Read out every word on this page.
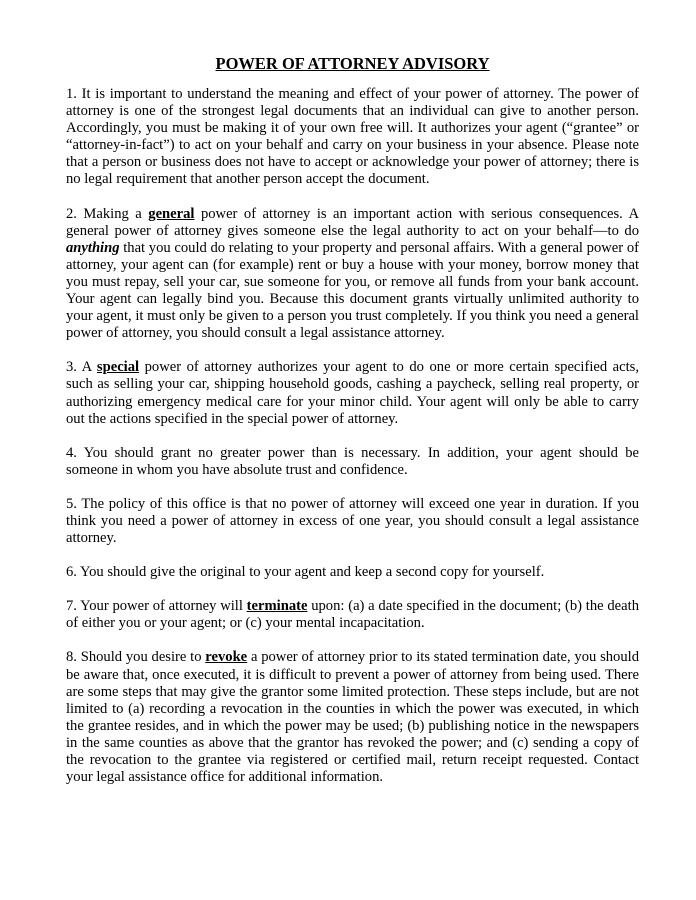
POWER OF ATTORNEY ADVISORY

1. It is important to understand the meaning and effect of your power of attorney. The power of attorney is one of the strongest legal documents that an individual can give to another person. Accordingly, you must be making it of your own free will. It authorizes your agent (“grantee” or “attorney-in-fact”) to act on your behalf and carry on your business in your absence. Please note that a person or business does not have to accept or acknowledge your power of attorney; there is no legal requirement that another person accept the document.

2. Making a general power of attorney is an important action with serious consequences. A general power of attorney gives someone else the legal authority to act on your behalf—to do anything that you could do relating to your property and personal affairs. With a general power of attorney, your agent can (for example) rent or buy a house with your money, borrow money that you must repay, sell your car, sue someone for you, or remove all funds from your bank account. Your agent can legally bind you. Because this document grants virtually unlimited authority to your agent, it must only be given to a person you trust completely. If you think you need a general power of attorney, you should consult a legal assistance attorney.

3. A special power of attorney authorizes your agent to do one or more certain specified acts, such as selling your car, shipping household goods, cashing a paycheck, selling real property, or authorizing emergency medical care for your minor child. Your agent will only be able to carry out the actions specified in the special power of attorney.

4. You should grant no greater power than is necessary. In addition, your agent should be someone in whom you have absolute trust and confidence.

5. The policy of this office is that no power of attorney will exceed one year in duration. If you think you need a power of attorney in excess of one year, you should consult a legal assistance attorney.

6. You should give the original to your agent and keep a second copy for yourself.

7. Your power of attorney will terminate upon: (a) a date specified in the document; (b) the death of either you or your agent; or (c) your mental incapacitation.

8. Should you desire to revoke a power of attorney prior to its stated termination date, you should be aware that, once executed, it is difficult to prevent a power of attorney from being used. There are some steps that may give the grantor some limited protection. These steps include, but are not limited to (a) recording a revocation in the counties in which the power was executed, in which the grantee resides, and in which the power may be used; (b) publishing notice in the newspapers in the same counties as above that the grantor has revoked the power; and (c) sending a copy of the revocation to the grantee via registered or certified mail, return receipt requested. Contact your legal assistance office for additional information.
